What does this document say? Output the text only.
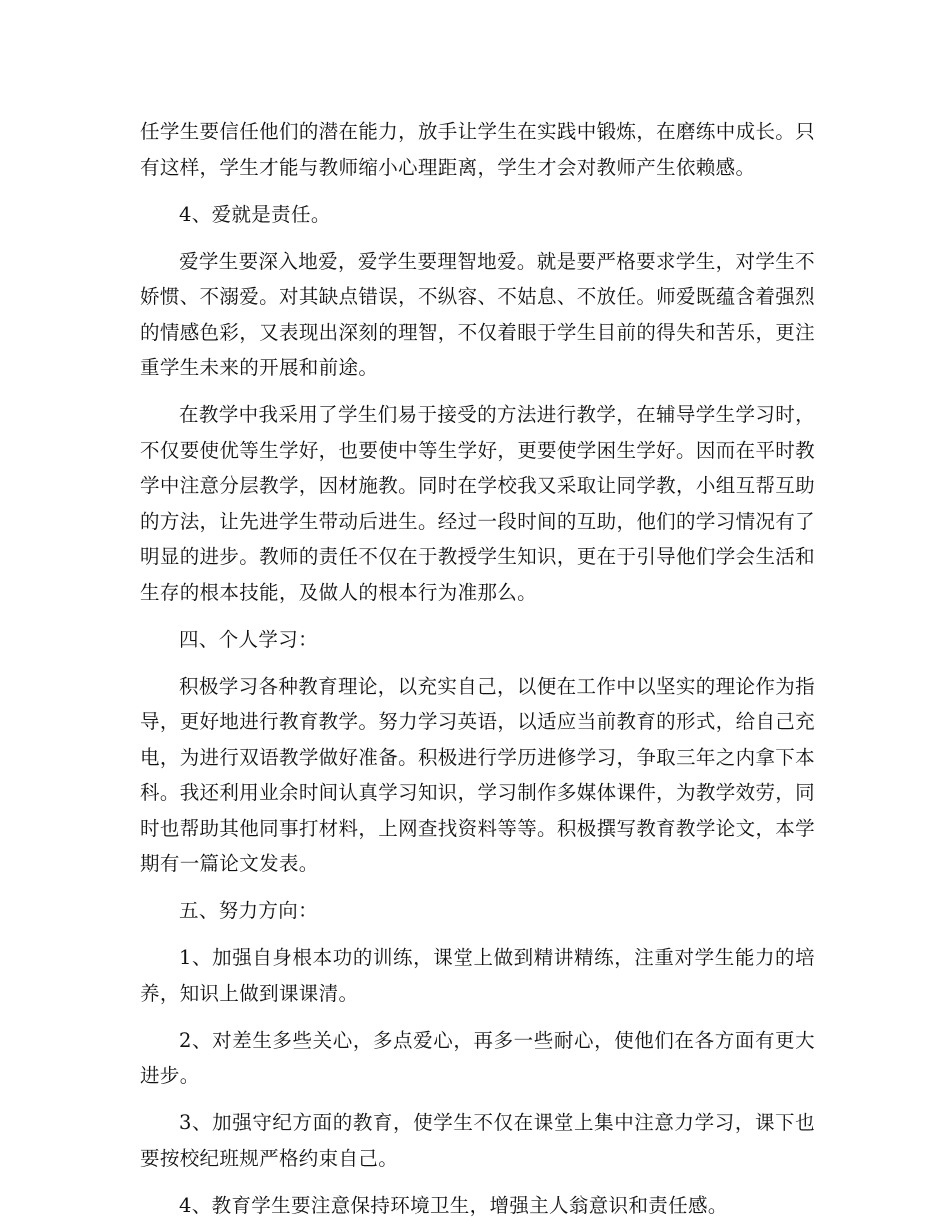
任学生要信任他们的潜在能力，放手让学生在实践中锻炼，在磨练中成长。只有这样，学生才能与教师缩小心理距离，学生才会对教师产生依赖感。

4、爱就是责任。

爱学生要深入地爱，爱学生要理智地爱。就是要严格要求学生，对学生不娇惯、不溺爱。对其缺点错误，不纵容、不姑息、不放任。师爱既蕴含着强烈的情感色彩，又表现出深刻的理智，不仅着眼于学生目前的得失和苦乐，更注重学生未来的开展和前途。

在教学中我采用了学生们易于接受的方法进行教学，在辅导学生学习时，不仅要使优等生学好，也要使中等生学好，更要使学困生学好。因而在平时教学中注意分层教学，因材施教。同时在学校我又采取让同学教，小组互帮互助的方法，让先进学生带动后进生。经过一段时间的互助，他们的学习情况有了明显的进步。教师的责任不仅在于教授学生知识，更在于引导他们学会生活和生存的根本技能，及做人的根本行为准那么。

四、个人学习：

积极学习各种教育理论，以充实自己，以便在工作中以坚实的理论作为指导，更好地进行教育教学。努力学习英语，以适应当前教育的形式，给自己充电，为进行双语教学做好准备。积极进行学历进修学习，争取三年之内拿下本科。我还利用业余时间认真学习知识，学习制作多媒体课件，为教学效劳，同时也帮助其他同事打材料，上网查找资料等等。积极撰写教育教学论文，本学期有一篇论文发表。

五、努力方向：

1、加强自身根本功的训练，课堂上做到精讲精练，注重对学生能力的培养，知识上做到课课清。

2、对差生多些关心，多点爱心，再多一些耐心，使他们在各方面有更大进步。

3、加强守纪方面的教育，使学生不仅在课堂上集中注意力学习，课下也要按校纪班规严格约束自己。

4、教育学生要注意保持环境卫生，增强主人翁意识和责任感。
